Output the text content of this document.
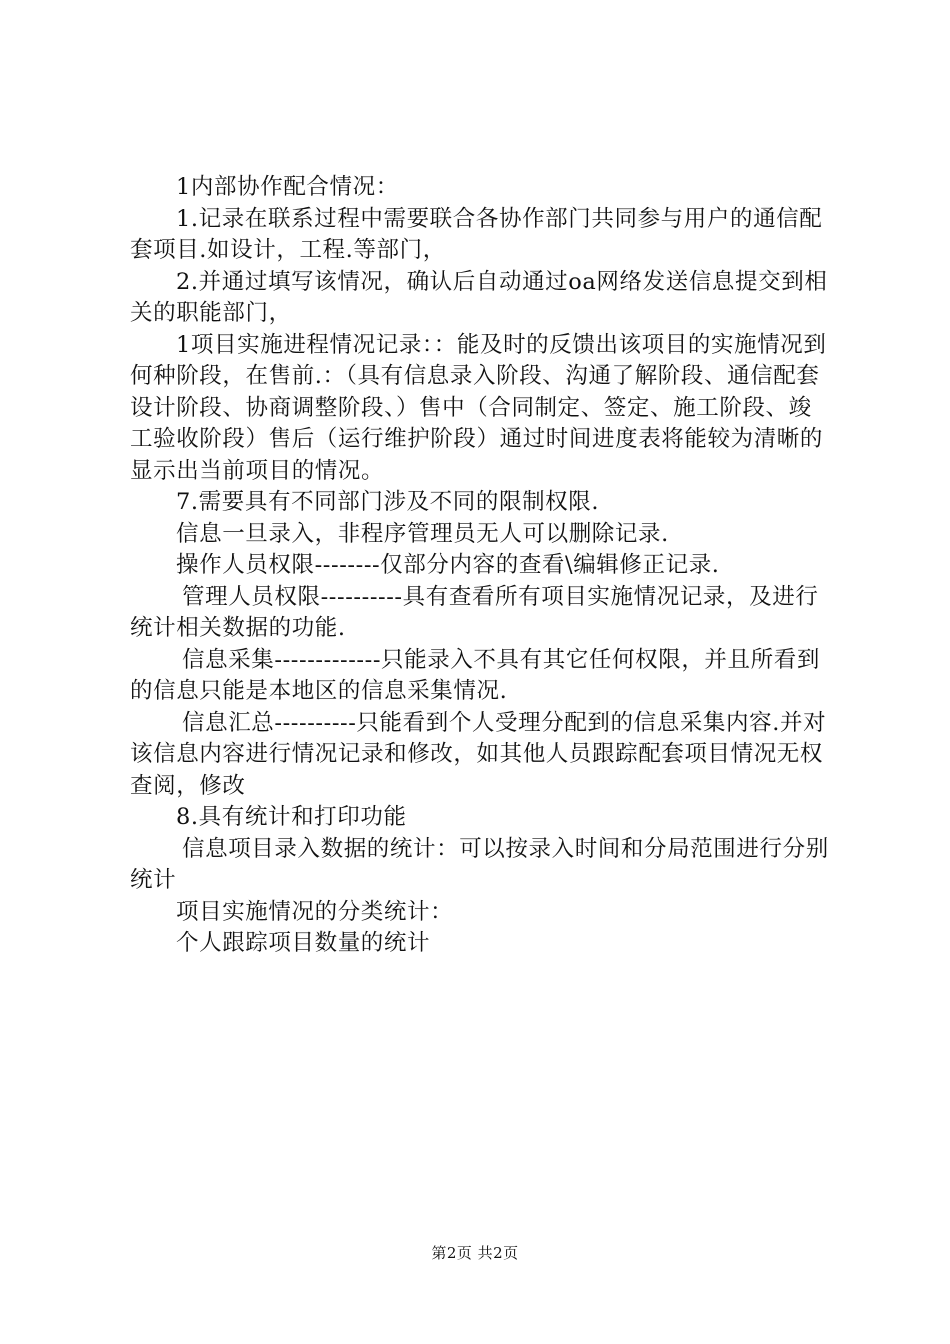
1内部协作配合情况：

1.记录在联系过程中需要联合各协作部门共同参与用户的通信配套项目.如设计，工程.等部门，

2.并通过填写该情况，确认后自动通过oa网络发送信息提交到相关的职能部门，

1项目实施进程情况记录：：能及时的反馈出该项目的实施情况到何种阶段，在售前.：（具有信息录入阶段、沟通了解阶段、通信配套设计阶段、协商调整阶段、）售中（合同制定、签定、施工阶段、竣工验收阶段）售后（运行维护阶段）通过时间进度表将能较为清晰的显示出当前项目的情况。

7.需要具有不同部门涉及不同的限制权限.

信息一旦录入，非程序管理员无人可以删除记录.

操作人员权限--------仅部分内容的查看\编辑修正记录.

管理人员权限----------具有查看所有项目实施情况记录，及进行统计相关数据的功能.

信息采集-------------只能录入不具有其它任何权限，并且所看到的信息只能是本地区的信息采集情况.

信息汇总----------只能看到个人受理分配到的信息采集内容.并对该信息内容进行情况记录和修改，如其他人员跟踪配套项目情况无权查阅，修改

8.具有统计和打印功能

信息项目录入数据的统计：可以按录入时间和分局范围进行分别统计

项目实施情况的分类统计：

个人跟踪项目数量的统计

第2页 共2页
